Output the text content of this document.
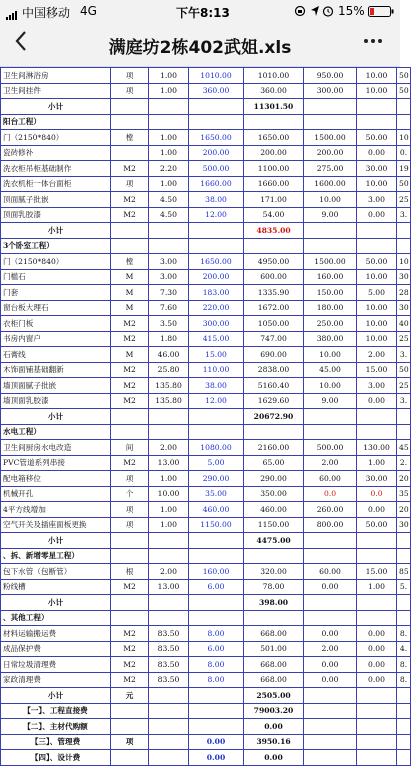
中国移动 4G	下午8:13	15%
满庭坊2栋402武姐.xls
卫生间淋浴房	项	1.00	1010.00	1010.00	950.00	10.00	50
卫生间挂件	项	1.00	360.00	360.00	300.00	10.00	50
小计				11301.50			
阳台工程）							
门（2150*840）	樘	1.00	1650.00	1650.00	1500.00	50.00	10
瓷砖修补		1.00	200.00	200.00	200.00	0.00	0.
洗衣柜吊柜基础制作	M2	2.20	500.00	1100.00	275.00	30.00	19
洗衣机柜一体台面柜	项	1.00	1660.00	1660.00	1600.00	10.00	50
顶面腻子批嵌	M2	4.50	38.00	171.00	10.00	3.00	25
顶面乳胶漆	M2	4.50	12.00	54.00	9.00	0.00	3.
小计				4835.00			
3个卧室工程）							
门（2150*840）	樘	3.00	1650.00	4950.00	1500.00	50.00	10
门槛石	M	3.00	200.00	600.00	160.00	10.00	30
门套	M	7.30	183.00	1335.90	150.00	5.00	28
窗台板大理石	M	7.60	220.00	1672.00	180.00	10.00	30
衣柜门板	M2	3.50	300.00	1050.00	250.00	10.00	40
书房内窗户	M2	1.80	415.00	747.00	380.00	10.00	25
石膏线	M	46.00	15.00	690.00	10.00	2.00	3.
木饰面铺基础翻新	M2	25.80	110.00	2838.00	45.00	15.00	50
墙顶面腻子批嵌	M2	135.80	38.00	5160.40	10.00	3.00	25
墙顶面乳胶漆	M2	135.80	12.00	1629.60	9.00	0.00	3.
小计				20672.90			
水电工程）							
卫生间厨房水电改造	间	2.00	1080.00	2160.00	500.00	130.00	45
PVC管道系列串接	M2	13.00	5.00	65.00	2.00	1.00	2.
配电箱移位	项	1.00	290.00	290.00	60.00	30.00	20
机械开孔	个	10.00	35.00	350.00	0.0	0.0	35
4平方线增加	项	1.00	460.00	460.00	260.00	0.00	20
空气开关及插座面板更换	项	1.00	1150.00	1150.00	800.00	50.00	30
小计				4475.00			
、拆、新增零星工程）							
包下水管（包断管）	根	2.00	160.00	320.00	60.00	15.00	85
粉线槽	M2	13.00	6.00	78.00	0.00	1.00	5.
小计				398.00			
、其他工程）							
材料运输搬运费	M2	83.50	8.00	668.00	0.00	0.00	8.
成品保护费	M2	83.50	6.00	501.00	2.00	0.00	4.
日常垃圾清理费	M2	83.50	8.00	668.00	0.00	0.00	8.
家政清理费	M2	83.50	8.00	668.00	0.00	0.00	8.
小计	元			2505.00			
【一】、工程直接费				79003.20			
【二】、主材代购额				0.00			
【三】、管理费	项		0.00	3950.16			
【四】、设计费			0.00	0.00			
